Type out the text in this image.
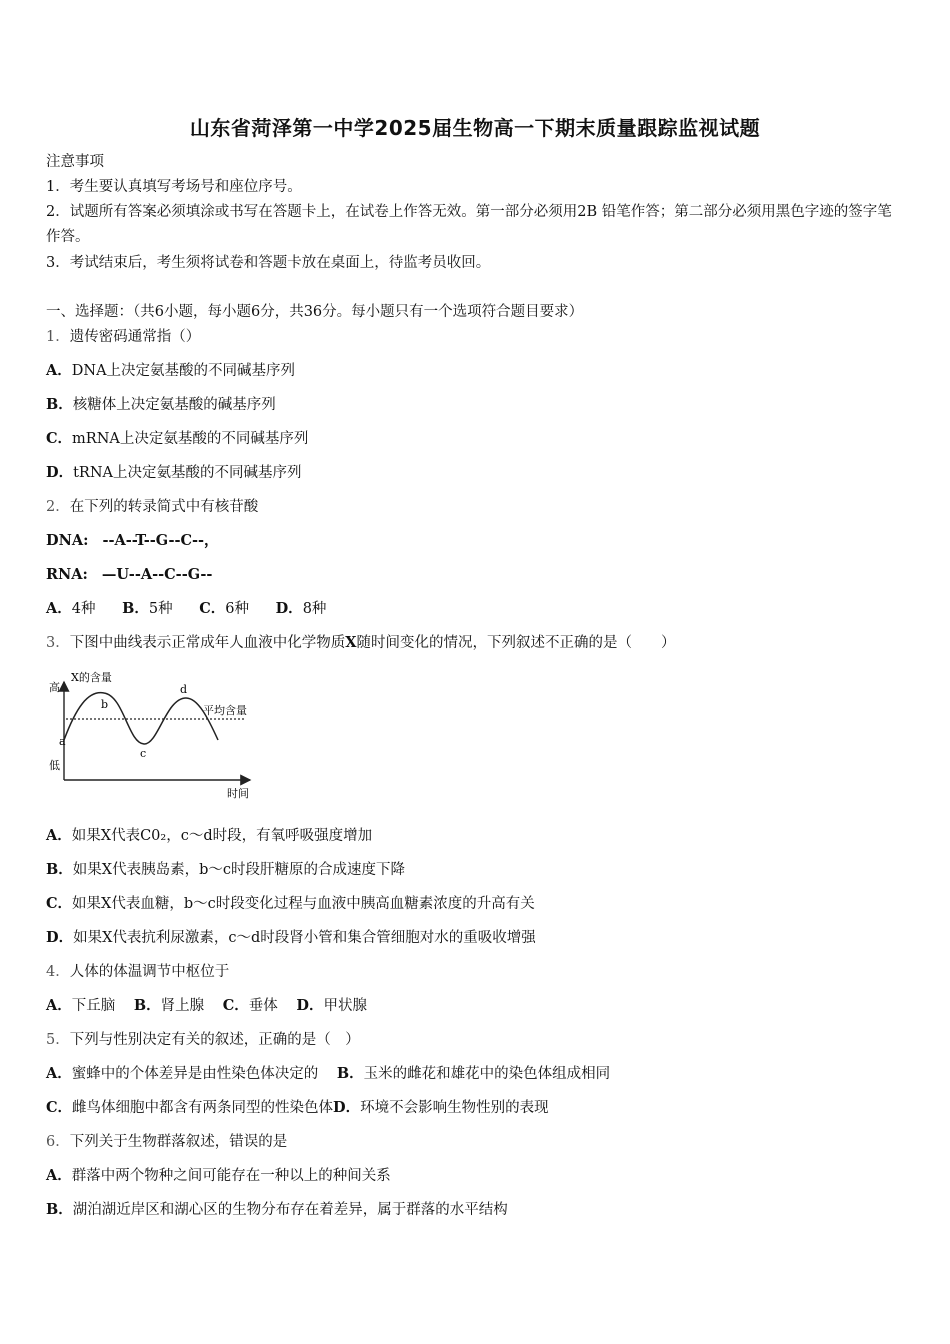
山东省菏泽第一中学2025届生物高一下期末质量跟踪监视试题
注意事项
1．考生要认真填写考场号和座位序号。
2．试题所有答案必须填涂或书写在答题卡上，在试卷上作答无效。第一部分必须用2B 铅笔作答；第二部分必须用黑色字迹的签字笔作答。
3．考试结束后，考生须将试卷和答题卡放在桌面上，待监考员收回。
一、选择题：（共6小题，每小题6分，共36分。每小题只有一个选项符合题目要求）
1．遗传密码通常指（）
A．DNA上决定氨基酸的不同碱基序列
B．核糖体上决定氨基酸的碱基序列
C．mRNA上决定氨基酸的不同碱基序列
D．tRNA上决定氨基酸的不同碱基序列
2．在下列的转录简式中有核苷酸
DNA: --A--T--G--C--，
RNA: —U--A--C--G--
A．4种 B．5种 C．6种 D．8种
3．下图中曲线表示正常成年人血液中化学物质X随时间变化的情况，下列叙述不正确的是（　　）
X的含量
高
低
时间
平均含量
a
b
c
d
A．如果X代表C0₂，c～d时段，有氧呼吸强度增加
B．如果X代表胰岛素，b～c时段肝糖原的合成速度下降
C．如果X代表血糖，b～c时段变化过程与血液中胰高血糖素浓度的升高有关
D．如果X代表抗利尿激素，c～d时段肾小管和集合管细胞对水的重吸收增强
4．人体的体温调节中枢位于
A．下丘脑 B．肾上腺 C．垂体 D．甲状腺
5．下列与性别决定有关的叙述，正确的是（　）
A．蜜蜂中的个体差异是由性染色体决定的 B．玉米的雌花和雄花中的染色体组成相同
C．雌鸟体细胞中都含有两条同型的性染色体D．环境不会影响生物性别的表现
6．下列关于生物群落叙述，错误的是
A．群落中两个物种之间可能存在一种以上的种间关系
B．湖泊湖近岸区和湖心区的生物分布存在着差异，属于群落的水平结构
